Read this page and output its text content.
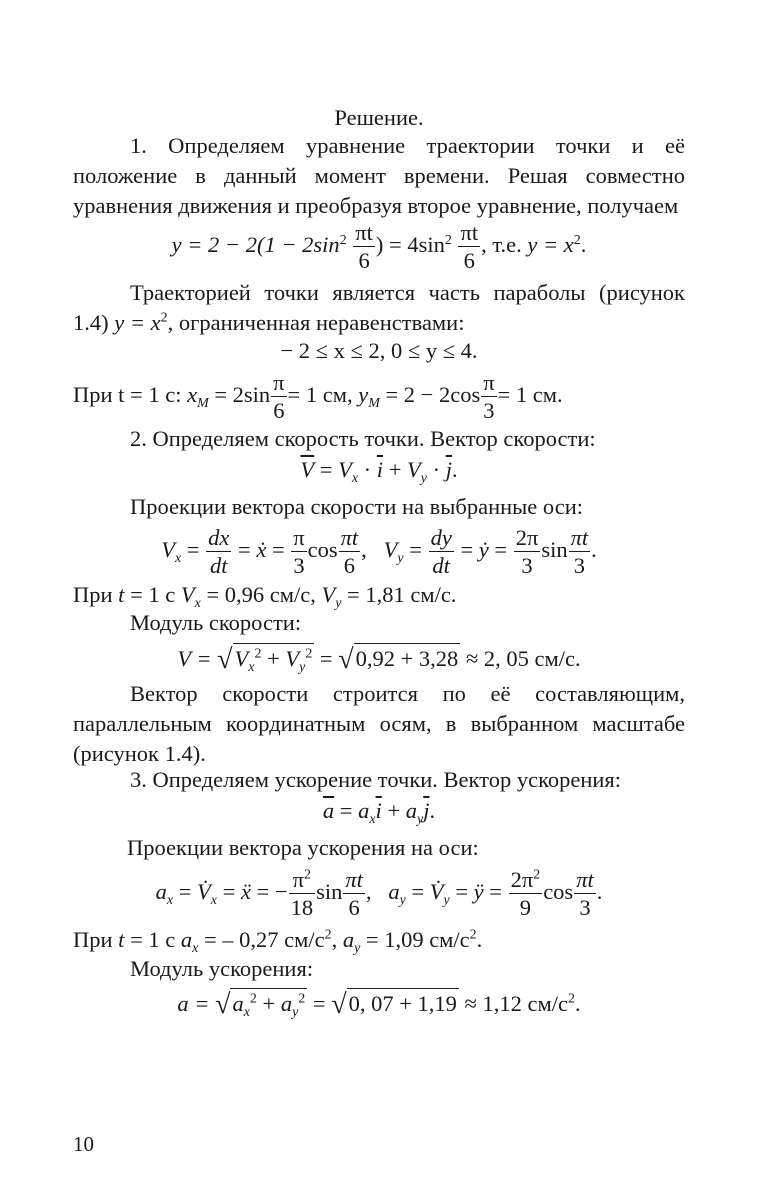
Решение.
1. Определяем уравнение траектории точки и её положение в данный момент времени. Решая совместно уравнения движения и преобразуя второе уравнение, получаем
$y = 2 - 2(1 - 2\sin^2 \frac{\pi t}{6}$ ) = $4\sin^2 \frac{\pi t}{6}$ , т.е. $y = x^2$.
Траекторией точки является часть параболы (рисунок 1.4) $y = x^2$, ограниченная неравенствами:
− 2 ≤ x ≤ 2, 0 ≤ y ≤ 4.
При t = 1 с: $x_M = 2\sin \frac{\pi}{6} = 1$ см, $y_M = 2 - 2\cos \frac{\pi}{3} = 1$ см.
2. Определяем скорость точки. Вектор скорости:
$\overline{V} = V_x \cdot \overline{i} + V_y \cdot \overline{j}$.
Проекции вектора скорости на выбранные оси:
$V_x = \frac{dx}{dt}$ = ẋ = $\frac{\pi}{3}$ $\cos \frac{\pi t}{6}$ ,   $V_y = \frac{dy}{dt}$ = ẏ = $\frac{2\pi}{3}$ $\sin \frac{\pi t}{3}$ .
При t = 1 с $V_x = 0,96$ см/с, $V_y = 1,81$ см/с.
Модуль скорости:
$V = √V_x^2 + V_y^2 = √0,92 + 3,28 \approx 2$, 05 см/с.
Вектор скорости строится по её составляющим, параллельным координатным осям, в выбранном масштабе (рисунок 1.4).
3. Определяем ускорение точки. Вектор ускорения:
$\overline{a} = a_x\overline{i} + a_y\overline{j}$.
Проекции вектора ускорения на оси:
$a_x$ = $V̇_x$ = ẍ = − $\frac{\pi^2}{18}$ $\sin \frac{\pi t}{6}$ ,   $a_y$ = $V̇_y$ = ÿ = $\frac{2\pi^2}{9}$ $\cos \frac{\pi t}{3}$ .
При t = 1 с $a_x$ = – 0,27 $см/с^2$, $a_y = 1,09$ $см/с^2$.
Модуль ускорения:
$a = √a_x^2 + a_y^2 = √0$, 07 + 1,19 ≈ 1,12 $см/с^2$.
10
